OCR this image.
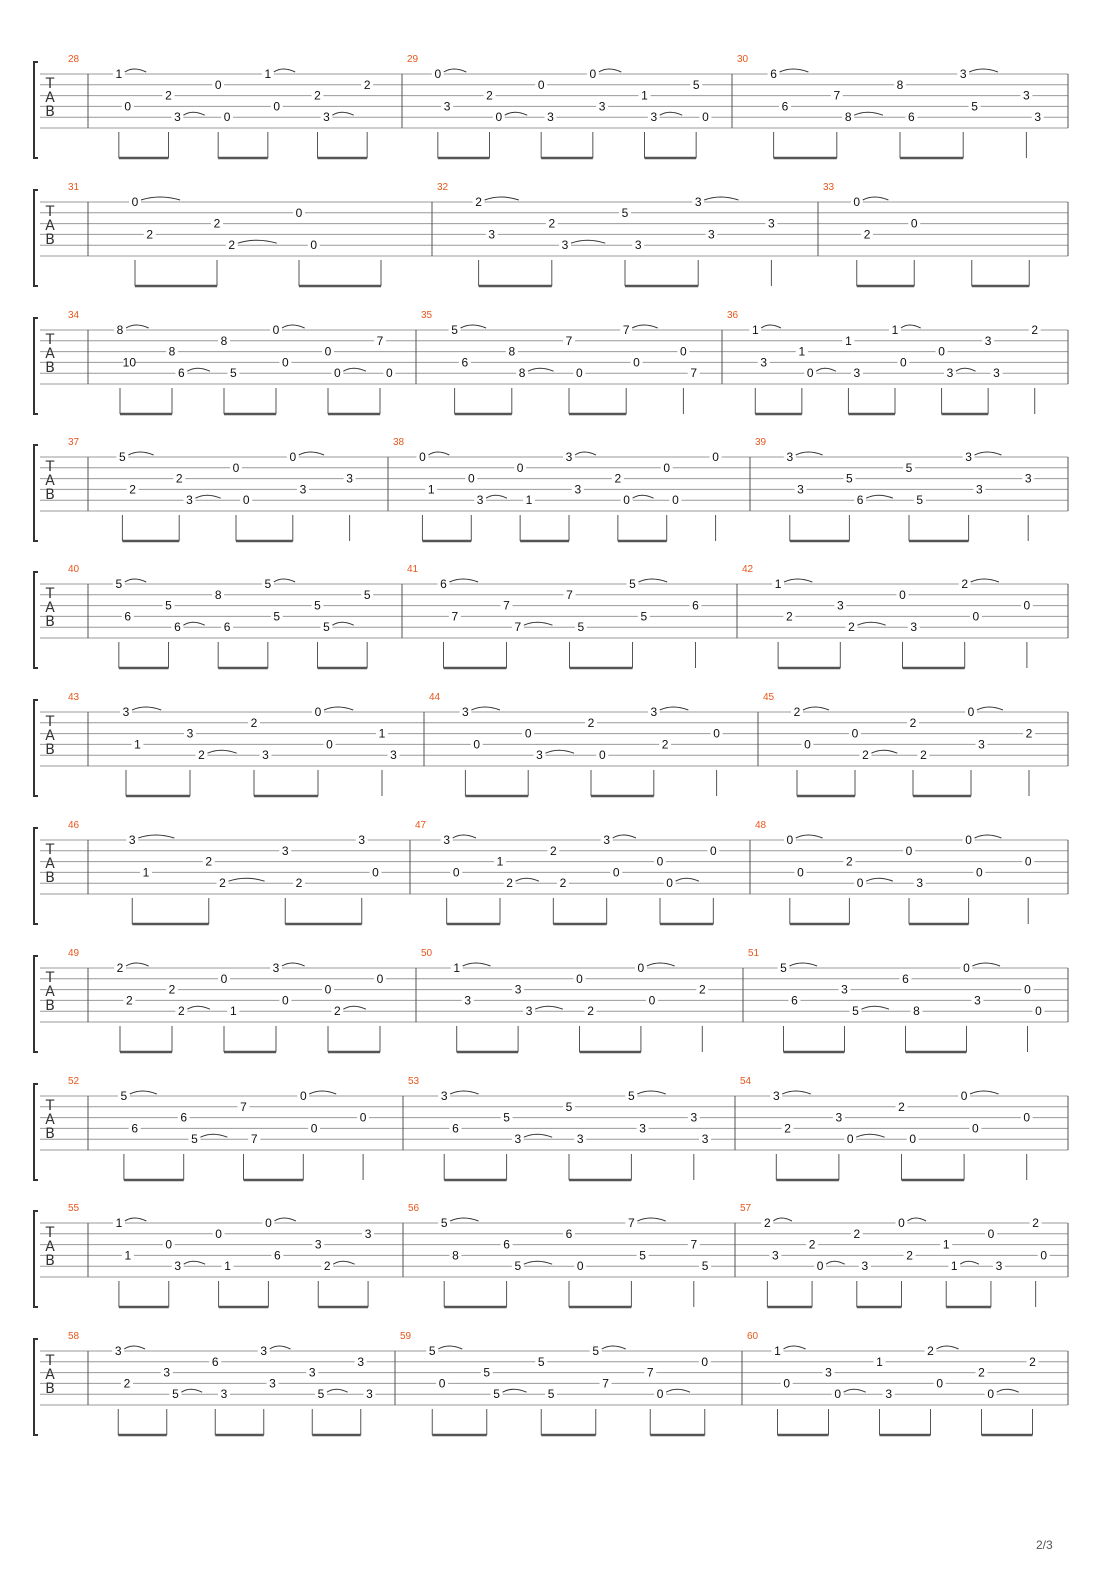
T
A
B
28
1
0
2
3
0
0
1
0
2
3
2
29
0
3
2
0
0
3
0
3
1
3
5
0
30
6
6
7
8
8
6
3
5
3
3
T
A
B
31
0
2
2
2
0
0
32
2
3
2
3
5
3
3
3
3
33
0
2
0
T
A
B
34
8
10
8
6
8
5
0
0
0
0
7
0
35
5
6
8
8
7
0
7
0
0
7
36
1
3
1
0
1
3
1
0
0
3
3
3
2
T
A
B
37
5
2
2
3
0
0
0
3
3
38
0
1
0
3
0
1
3
3
2
0
0
0
0
39
3
3
5
6
5
5
3
3
3
T
A
B
40
5
6
5
6
8
6
5
5
5
5
5
41
6
7
7
7
7
5
5
5
6
42
1
2
3
2
0
3
2
0
0
T
A
B
43
3
1
3
2
2
3
0
0
1
3
44
3
0
0
3
2
0
3
2
0
45
2
0
0
2
2
2
0
3
2
T
A
B
46
3
1
2
2
3
2
3
0
47
3
0
1
2
2
2
3
0
0
0
0
48
0
0
2
0
0
3
0
0
0
T
A
B
49
2
2
2
2
0
1
3
0
0
2
0
50
1
3
3
3
0
2
0
0
2
51
5
6
3
5
6
8
0
3
0
0
T
A
B
52
5
6
6
5
7
7
0
0
0
53
3
6
5
3
5
3
5
3
3
3
54
3
2
3
0
2
0
0
0
0
T
A
B
55
1
1
0
3
0
1
0
6
3
2
3
56
5
8
6
5
6
0
7
5
7
5
57
2
3
2
0
2
3
0
2
1
1
0
3
2
0
T
A
B
58
3
2
3
5
6
3
3
3
3
5
3
3
59
5
0
5
5
5
5
5
7
7
0
0
60
1
0
3
0
1
3
2
0
2
0
2
2/3
